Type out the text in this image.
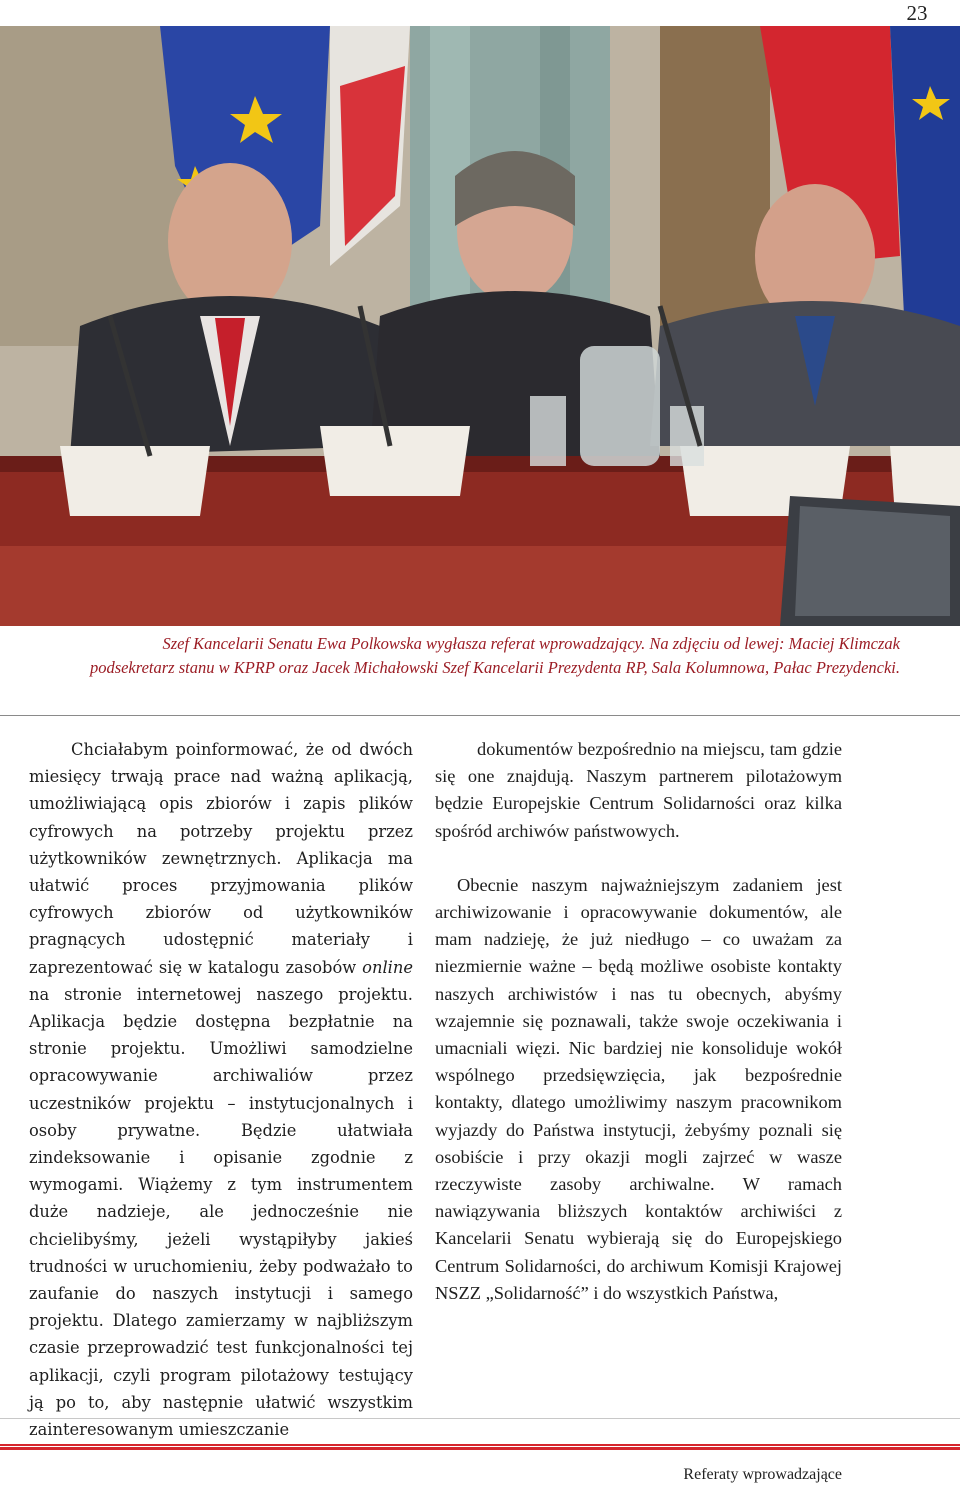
23
Szef Kancelarii Senatu Ewa Polkowska wygłasza referat wprowadzający. Na zdjęciu od lewej: Maciej Klimczak
podsekretarz stanu w KPRP oraz Jacek Michałowski Szef Kancelarii Prezydenta RP, Sala Kolumnowa, Pałac Prezydencki.

Chciałabym poinformować, że od dwóch miesięcy trwają prace nad ważną aplikacją, umożliwiającą opis zbiorów i zapis plików cyfrowych na potrzeby projektu przez użytkowników zewnętrznych. Aplikacja ma ułatwić proces przyjmowania plików cyfrowych zbiorów od użytkowników pragnących udostępnić materiały i zaprezentować się w katalogu zasobów online na stronie internetowej naszego projektu. Aplikacja będzie dostępna bezpłatnie na stronie projektu. Umożliwi samodzielne opracowywanie archiwaliów przez uczestników projektu – instytucjonalnych i osoby prywatne. Będzie ułatwiała zindeksowanie i opisanie zgodnie z wymogami. Wiążemy z tym instrumentem duże nadzieje, ale jednocześnie nie chcielibyśmy, jeżeli wystąpiłyby jakieś trudności w uruchomieniu, żeby podważało to zaufanie do naszych instytucji i samego projektu. Dlatego zamierzamy w najbliższym czasie przeprowadzić test funkcjonalności tej aplikacji, czyli program pilotażowy testujący ją po to, aby następnie ułatwić wszystkim zainteresowanym umieszczanie

dokumentów bezpośrednio na miejscu, tam gdzie się one znajdują. Naszym partnerem pilotażowym będzie Europejskie Centrum Solidarności oraz kilka spośród archiwów państwowych.

Obecnie naszym najważniejszym zadaniem jest archiwizowanie i opracowywanie dokumentów, ale mam nadzieję, że już niedługo – co uważam za niezmiernie ważne – będą możliwe osobiste kontakty naszych archiwistów i nas tu obecnych, abyśmy wzajemnie się poznawali, także swoje oczekiwania i umacniali więzi. Nic bardziej nie konsoliduje wokół wspólnego przedsięwzięcia, jak bezpośrednie kontakty, dlatego umożliwimy naszym pracownikom wyjazdy do Państwa instytucji, żebyśmy poznali się osobiście i przy okazji mogli zajrzeć w wasze rzeczywiste zasoby archiwalne. W ramach nawiązywania bliższych kontaktów archiwiści z Kancelarii Senatu wybierają się do Europejskiego Centrum Solidarności, do archiwum Komisji Krajowej NSZZ „Solidarność” i do wszystkich Państwa,

Referaty wprowadzające
